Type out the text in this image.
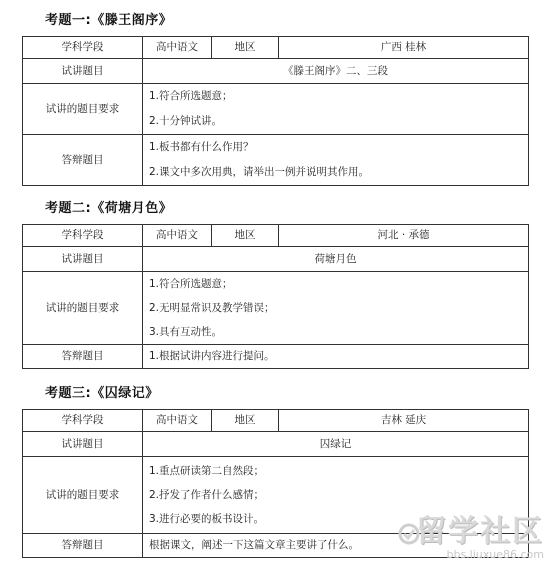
考题一:《滕王阁序》
学科学段	高中语文	地区	广西 桂林
试讲题目	《滕王阁序》二、三段		
试讲的题目要求	1.符合所选题意；
2.十分钟试讲。		

答辩题目	1.板书都有什么作用？
2.课文中多次用典，请举出一例并说明其作用。		
考题二:《荷塘月色》
学科学段	高中语文	地区	河北 · 承德
试讲题目	荷塘月色		
试讲的题目要求	1.符合所选题意；
2.无明显常识及教学错误；
3.具有互动性。		

答辩题目	1.根据试讲内容进行提问。		
考题三:《囚绿记》
学科学段	高中语文	地区	吉林 延庆
试讲题目	囚绿记		
试讲的题目要求	1.重点研读第二自然段；
2.抒发了作者什么感情；
3.进行必要的板书设计。		

答辩题目	根据课文，阐述一下这篇文章主要讲了什么。			留学社区
bbs.liuxue86.com
